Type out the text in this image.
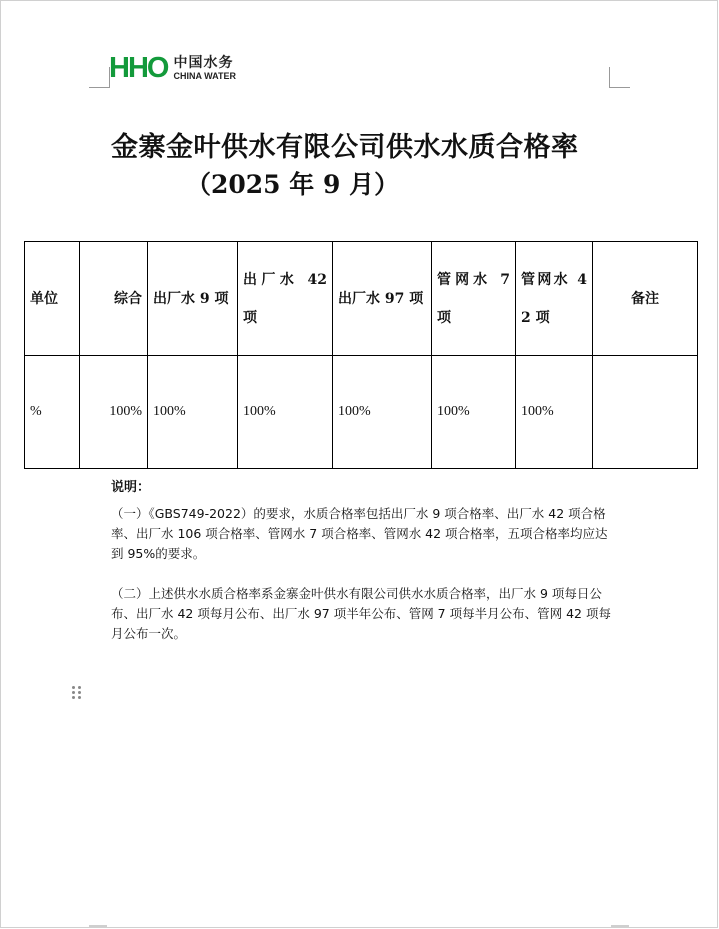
HHO 中国水务
CHINA WATER
金寨金叶供水有限公司供水水质合格率
（2025 年 9 月）
单位	综合	出厂水 9 项	出厂水 42 项	出厂水 97 项	管网水 7 项	管网水 42 项	备注
%	100%	100%	100%	100%	100%	100%	
说明：

（一）《GBS749-2022）的要求，水质合格率包括出厂水 9 项合格率、出厂水 42 项合格率、出厂水 106 项合格率、管网水 7 项合格率、管网水 42 项合格率，五项合格率均应达到 95%的要求。

（二）上述供水水质合格率系金寨金叶供水有限公司供水水质合格率，出厂水 9 项每日公布、出厂水 42 项每月公布、出厂水 97 项半年公布、管网 7 项每半月公布、管网 42 项每月公布一次。
